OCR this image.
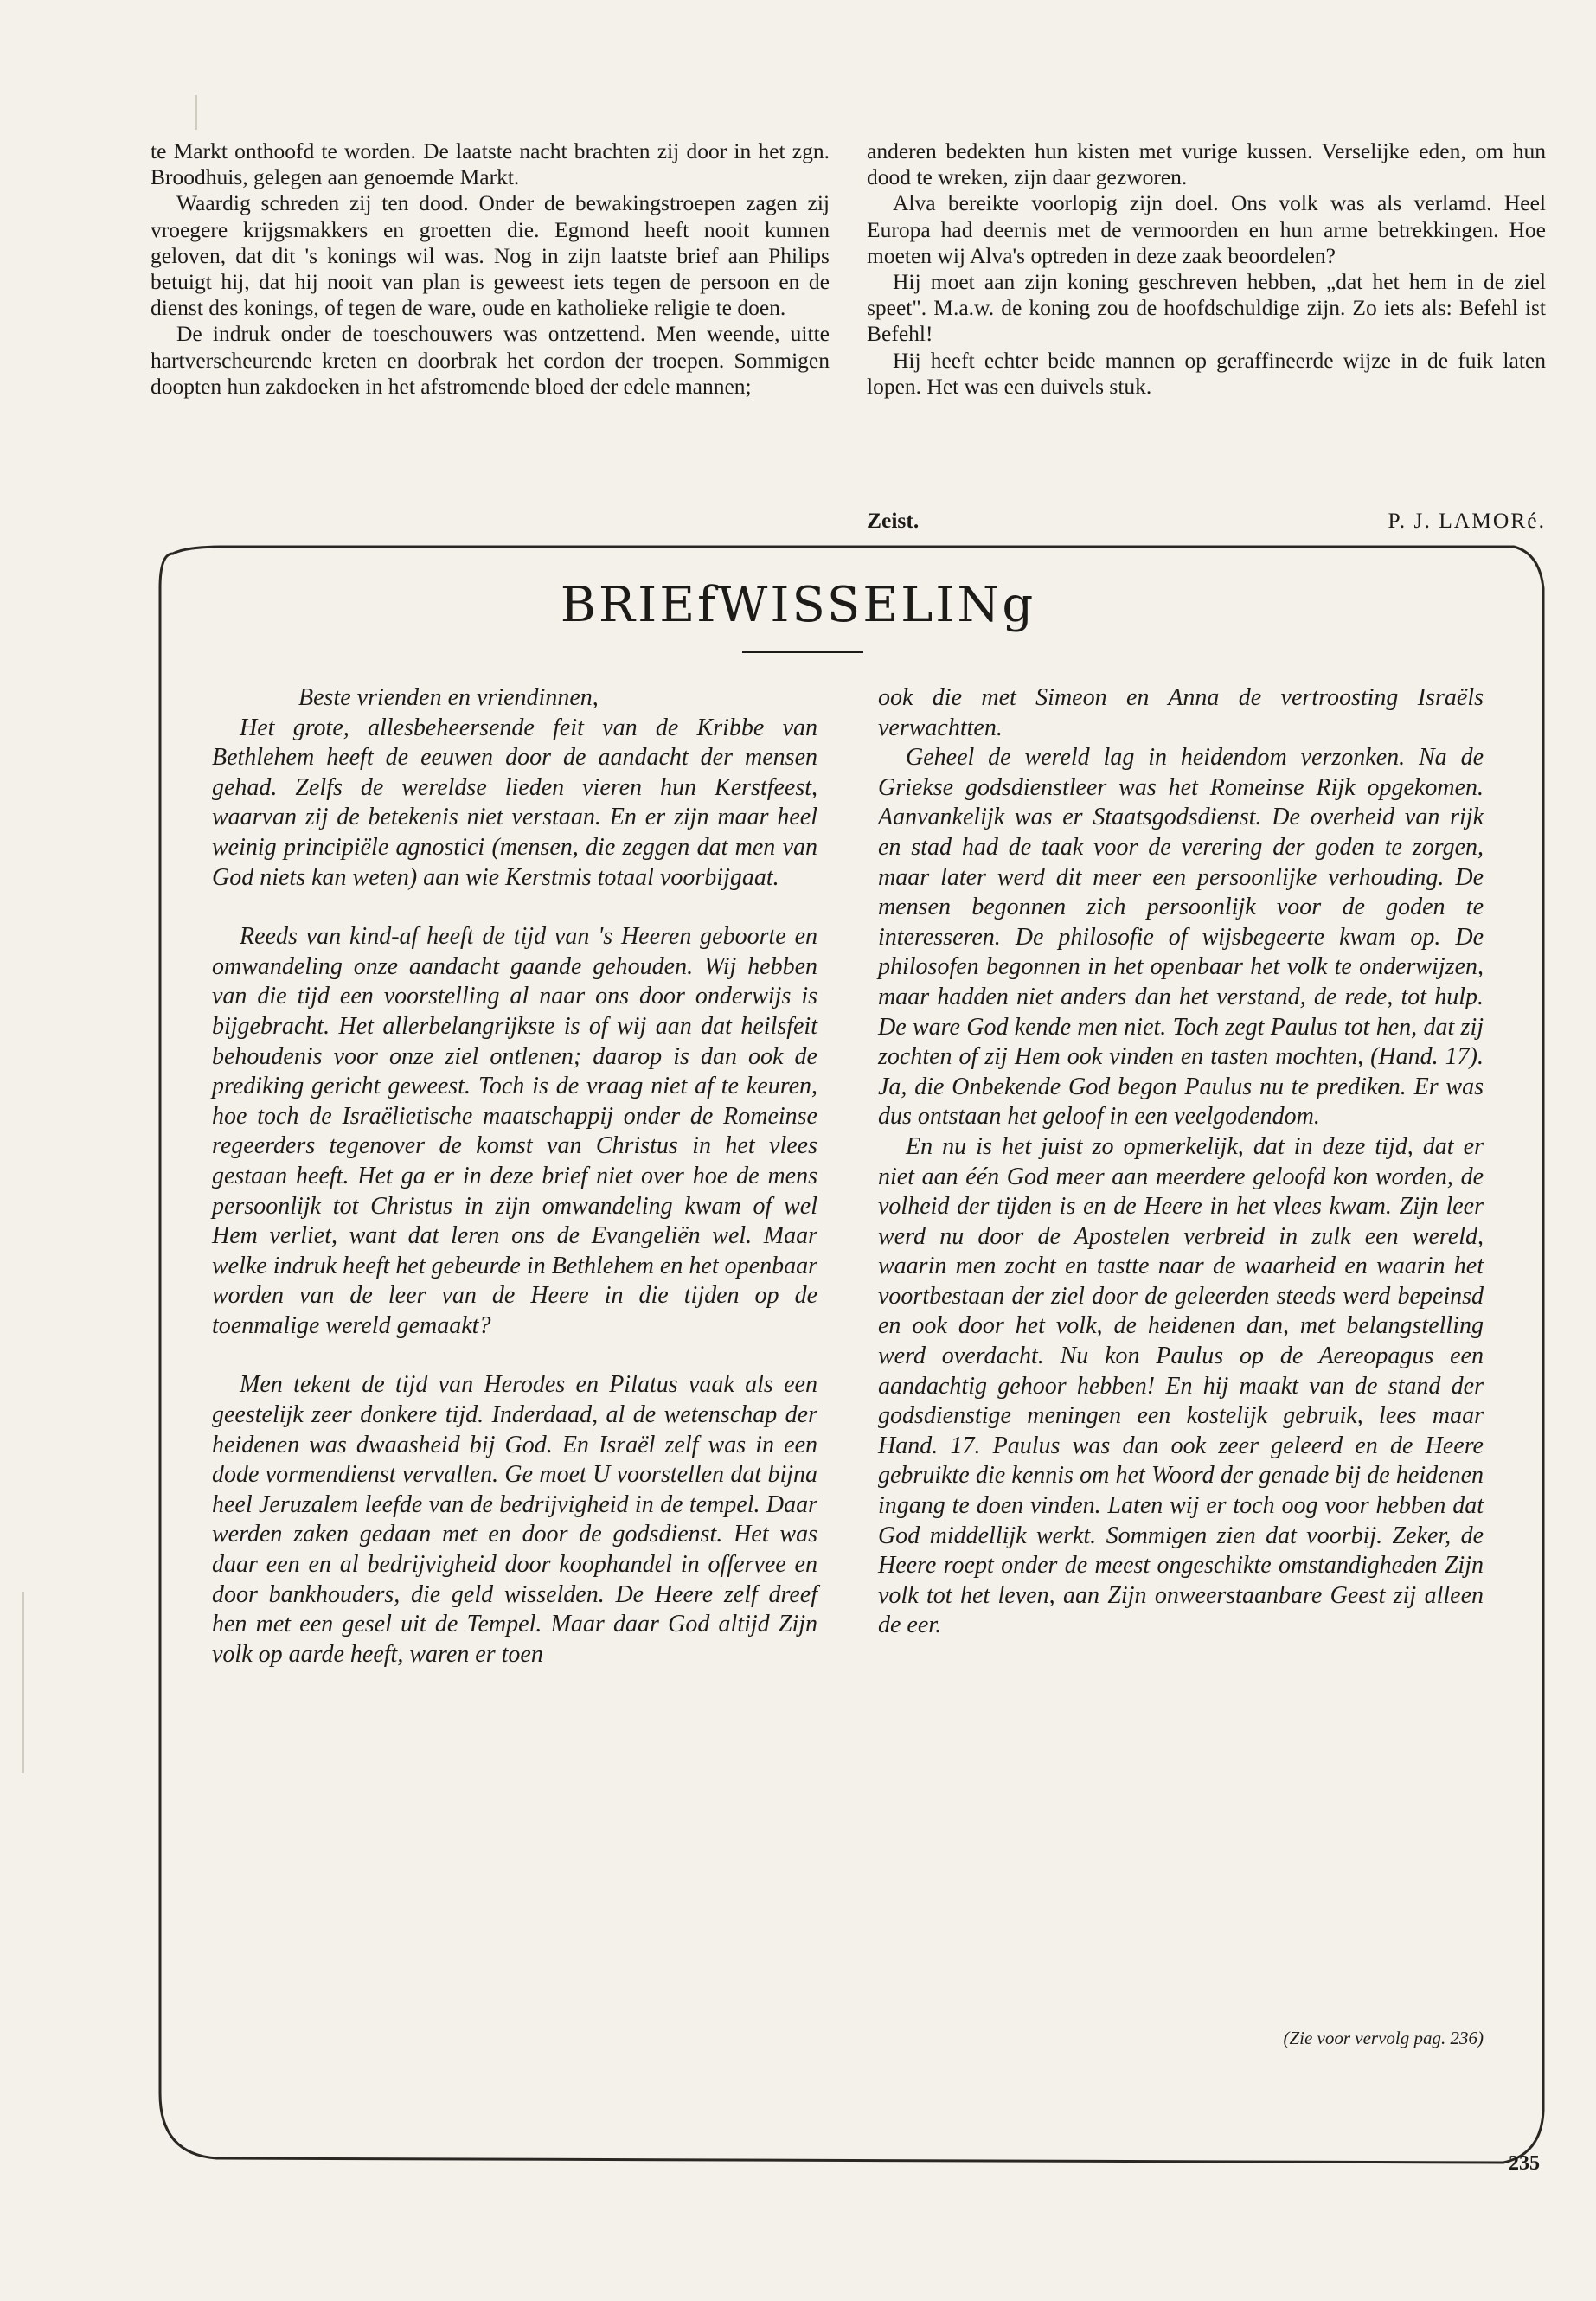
te Markt onthoofd te worden. De laatste nacht brachten zij door in het zgn. Broodhuis, gelegen aan genoemde Markt.

Waardig schreden zij ten dood. Onder de bewakingstroepen zagen zij vroegere krijgsmakkers en groetten die. Egmond heeft nooit kunnen geloven, dat dit 's konings wil was. Nog in zijn laatste brief aan Philips betuigt hij, dat hij nooit van plan is geweest iets tegen de persoon en de dienst des konings, of tegen de ware, oude en katholieke religie te doen.

De indruk onder de toeschouwers was ontzettend. Men weende, uitte hartverscheurende kreten en doorbrak het cordon der troepen. Sommigen doopten hun zakdoeken in het afstromende bloed der edele mannen;

anderen bedekten hun kisten met vurige kussen. Verselijke eden, om hun dood te wreken, zijn daar gezworen.

Alva bereikte voorlopig zijn doel. Ons volk was als verlamd. Heel Europa had deernis met de vermoorden en hun arme betrekkingen. Hoe moeten wij Alva's optreden in deze zaak beoordelen?

Hij moet aan zijn koning geschreven hebben, „dat het hem in de ziel speet". M.a.w. de koning zou de hoofdschuldige zijn. Zo iets als: Befehl ist Befehl!

Hij heeft echter beide mannen op geraffineerde wijze in de fuik laten lopen. Het was een duivels stuk.

Zeist.	P. J. LAMORé.
BRIEfWISSELINg

Beste vrienden en vriendinnen,

Het grote, allesbeheersende feit van de Kribbe van Bethlehem heeft de eeuwen door de aandacht der mensen gehad. Zelfs de wereldse lieden vieren hun Kerstfeest, waarvan zij de betekenis niet verstaan. En er zijn maar heel weinig principiële agnostici (mensen, die zeggen dat men van God niets kan weten) aan wie Kerstmis totaal voorbijgaat.

Reeds van kind-af heeft de tijd van 's Heeren geboorte en omwandeling onze aandacht gaande gehouden. Wij hebben van die tijd een voorstelling al naar ons door onderwijs is bijgebracht. Het allerbelangrijkste is of wij aan dat heilsfeit behoudenis voor onze ziel ontlenen; daarop is dan ook de prediking gericht geweest. Toch is de vraag niet af te keuren, hoe toch de Israëlietische maatschappij onder de Romeinse regeerders tegenover de komst van Christus in het vlees gestaan heeft. Het ga er in deze brief niet over hoe de mens persoonlijk tot Christus in zijn omwandeling kwam of wel Hem verliet, want dat leren ons de Evangeliën wel. Maar welke indruk heeft het gebeurde in Bethlehem en het openbaar worden van de leer van de Heere in die tijden op de toenmalige wereld gemaakt?

Men tekent de tijd van Herodes en Pilatus vaak als een geestelijk zeer donkere tijd. Inderdaad, al de wetenschap der heidenen was dwaasheid bij God. En Israël zelf was in een dode vormendienst vervallen. Ge moet U voorstellen dat bijna heel Jeruzalem leefde van de bedrijvigheid in de tempel. Daar werden zaken gedaan met en door de godsdienst. Het was daar een en al bedrijvigheid door koophandel in offervee en door bankhouders, die geld wisselden. De Heere zelf dreef hen met een gesel uit de Tempel. Maar daar God altijd Zijn volk op aarde heeft, waren er toen

ook die met Simeon en Anna de vertroosting Israëls verwachtten.

Geheel de wereld lag in heidendom verzonken. Na de Griekse godsdienstleer was het Romeinse Rijk opgekomen. Aanvankelijk was er Staatsgodsdienst. De overheid van rijk en stad had de taak voor de verering der goden te zorgen, maar later werd dit meer een persoonlijke verhouding. De mensen begonnen zich persoonlijk voor de goden te interesseren. De philosofie of wijsbegeerte kwam op. De philosofen begonnen in het openbaar het volk te onderwijzen, maar hadden niet anders dan het verstand, de rede, tot hulp. De ware God kende men niet. Toch zegt Paulus tot hen, dat zij zochten of zij Hem ook vinden en tasten mochten, (Hand. 17). Ja, die Onbekende God begon Paulus nu te prediken. Er was dus ontstaan het geloof in een veelgodendom.

En nu is het juist zo opmerkelijk, dat in deze tijd, dat er niet aan één God meer aan meerdere geloofd kon worden, de volheid der tijden is en de Heere in het vlees kwam. Zijn leer werd nu door de Apostelen verbreid in zulk een wereld, waarin men zocht en tastte naar de waarheid en waarin het voortbestaan der ziel door de geleerden steeds werd bepeinsd en ook door het volk, de heidenen dan, met belangstelling werd overdacht. Nu kon Paulus op de Aereopagus een aandachtig gehoor hebben! En hij maakt van de stand der godsdienstige meningen een kostelijk gebruik, lees maar Hand. 17. Paulus was dan ook zeer geleerd en de Heere gebruikte die kennis om het Woord der genade bij de heidenen ingang te doen vinden. Laten wij er toch oog voor hebben dat God middellijk werkt. Sommigen zien dat voorbij. Zeker, de Heere roept onder de meest ongeschikte omstandigheden Zijn volk tot het leven, aan Zijn onweerstaanbare Geest zij alleen de eer.

(Zie voor vervolg pag. 236)
235
